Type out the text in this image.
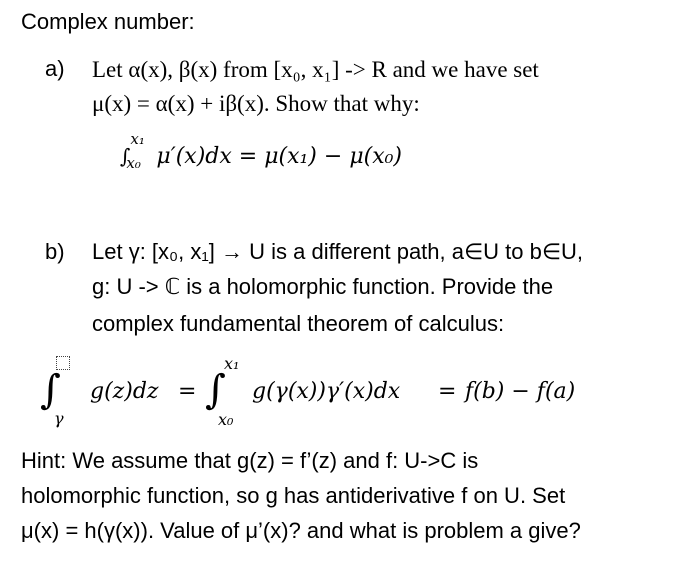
Complex number:
a) Let α(x), β(x) from [x₀, x₁] -> R and we have set
μ(x) = α(x) + iβ(x). Show that why:
∫
x₁
x₀ μ′(x)dx = μ(x₁) − μ(x₀)
b) Let γ: [x₀, x₁] → U is a different path, a∈U to b∈U,
g: U -> ℂ is a holomorphic function. Provide the
complex fundamental theorem of calculus:
∫
γ
g(z)dz = ∫
x₁
x₀
g(γ(x))γ′(x)dx = f(b) − f(a)
Hint: We assume that g(z) = f’(z) and f: U->C is
holomorphic function, so g has antiderivative f on U. Set
μ(x) = h(γ(x)). Value of μ’(x)? and what is problem a give?
